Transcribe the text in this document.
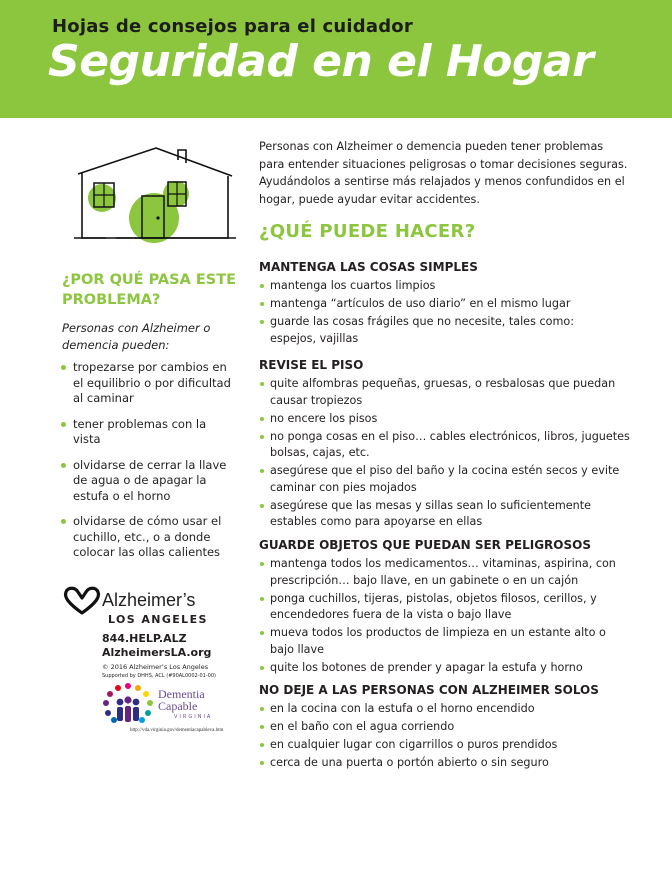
Hojas de consejos para el cuidador
Seguridad en el Hogar
¿POR QUÉ PASA ESTE PROBLEMA?
Personas con Alzheimer o demencia pueden:
tropezarse por cambios en el equilibrio o por dificultad al caminar
tener problemas con la vista
olvidarse de cerrar la llave de agua o de apagar la estufa o el horno
olvidarse de cómo usar el cuchillo, etc., o a donde colocar las ollas calientes
Alzheimer’s
LOS ANGELES
844.HELP.ALZ
AlzheimersLA.org
© 2016 Alzheimer’s Los Angeles
Supported by DHHS, ACL (#90AL0002-01-00)
Dementia
Capable
VIRGINIA
http://vda.virginia.gov/dementiacapableva.htm
Personas con Alzheimer o demencia pueden tener problemas para entender situaciones peligrosas o tomar decisiones seguras. Ayudándolos a sentirse más relajados y menos confundidos en el hogar, puede ayudar evitar accidentes.
¿QUÉ PUEDE HACER?
MANTENGA LAS COSAS SIMPLES
mantenga los cuartos limpios
mantenga “artículos de uso diario” en el mismo lugar
guarde las cosas frágiles que no necesite, tales como: espejos, vajillas
REVISE EL PISO
quite alfombras pequeñas, gruesas, o resbalosas que puedan causar tropiezos
no encere los pisos
no ponga cosas en el piso… cables electrónicos, libros, juguetes bolsas, cajas, etc.
asegúrese que el piso del baño y la cocina estén secos y evite caminar con pies mojados
asegúrese que las mesas y sillas sean lo suficientemente estables como para apoyarse en ellas
GUARDE OBJETOS QUE PUEDAN SER PELIGROSOS
mantenga todos los medicamentos… vitaminas, aspirina, con prescripción… bajo llave, en un gabinete o en un cajón
ponga cuchillos, tijeras, pistolas, objetos filosos, cerillos, y encendedores fuera de la vista o bajo llave
mueva todos los productos de limpieza en un estante alto o bajo llave
quite los botones de prender y apagar la estufa y horno
NO DEJE A LAS PERSONAS CON ALZHEIMER SOLOS
en la cocina con la estufa o el horno encendido
en el baño con el agua corriendo
en cualquier lugar con cigarrillos o puros prendidos
cerca de una puerta o portón abierto o sin seguro
